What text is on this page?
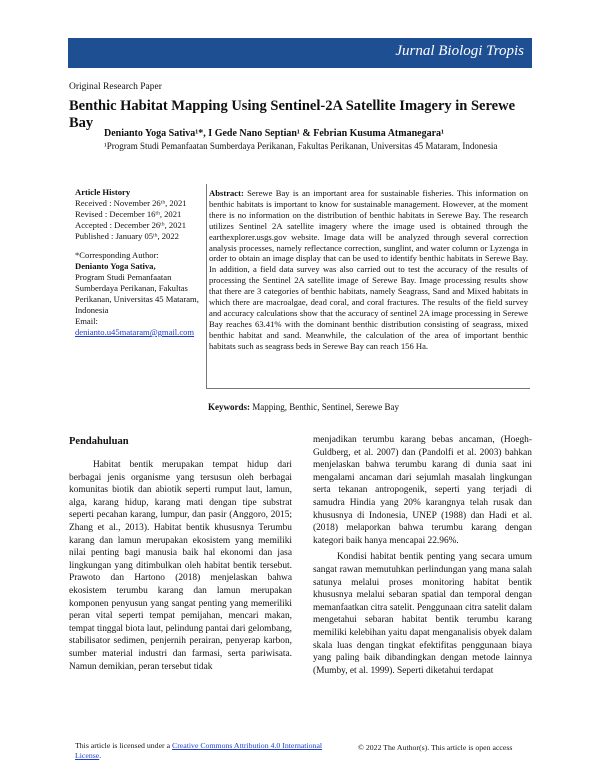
Jurnal Biologi Tropis
Original Research Paper
Benthic Habitat Mapping Using Sentinel-2A Satellite Imagery in Serewe Bay
Denianto Yoga Sativa¹*, I Gede Nano Septian¹ & Febrian Kusuma Atmanegara¹
¹Program Studi Pemanfaatan Sumberdaya Perikanan, Fakultas Perikanan, Universitas 45 Mataram, Indonesia
Article History
Received : November 26ᵗʰ, 2021
Revised : December 16ᵗʰ, 2021
Accepted : December 26ᵗʰ, 2021
Published : January 05ᵗʰ, 2022
*Corresponding Author:
Denianto Yoga Sativa,
Program Studi Pemanfaatan Sumberdaya Perikanan, Fakultas Perikanan, Universitas 45 Mataram, Indonesia
Email:
denianto.u45mataram@gmail.com
Abstract: Serewe Bay is an important area for sustainable fisheries. This information on benthic habitats is important to know for sustainable management. However, at the moment there is no information on the distribution of benthic habitats in Serewe Bay. The research utilizes Sentinel 2A satellite imagery where the image used is obtained through the earthexplorer.usgs.gov website. Image data will be analyzed through several correction analysis processes, namely reflectance correction, sunglint, and water column or Lyzenga in order to obtain an image display that can be used to identify benthic habitats in Serewe Bay. In addition, a field data survey was also carried out to test the accuracy of the results of processing the Sentinel 2A satellite image of Serewe Bay. Image processing results show that there are 3 categories of benthic habitats, namely Seagrass, Sand and Mixed habitats in which there are macroalgae, dead coral, and coral fractures. The results of the field survey and accuracy calculations show that the accuracy of sentinel 2A image processing in Serewe Bay reaches 63.41% with the dominant benthic distribution consisting of seagrass, mixed benthic habitat and sand. Meanwhile, the calculation of the area of important benthic habitats such as seagrass beds in Serewe Bay can reach 156 Ha.
Keywords: Mapping, Benthic, Sentinel, Serewe Bay
Pendahuluan

Habitat bentik merupakan tempat hidup dari berbagai jenis organisme yang tersusun oleh berbagai komunitas biotik dan abiotik seperti rumput laut, lamun, alga, karang hidup, karang mati dengan tipe substrat seperti pecahan karang, lumpur, dan pasir (Anggoro, 2015; Zhang et al., 2013). Habitat bentik khususnya Terumbu karang dan lamun merupakan ekosistem yang memiliki nilai penting bagi manusia baik hal ekonomi dan jasa lingkungan yang ditimbulkan oleh habitat bentik tersebut. Prawoto dan Hartono (2018) menjelaskan bahwa ekosistem terumbu karang dan lamun merupakan komponen penyusun yang sangat penting yang memeriliki peran vital seperti tempat pemijahan, mencari makan, tempat tinggal biota laut, pelindung pantai dari gelombang, stabilisator sedimen, penjernih perairan, penyerap karbon, sumber material industri dan farmasi, serta pariwisata. Namun demikian, peran tersebut tidak

menjadikan terumbu karang bebas ancaman, (Hoegh-Guldberg, et al. 2007) dan (Pandolfi et al. 2003) bahkan menjelaskan bahwa terumbu karang di dunia saat ini mengalami ancaman dari sejumlah masalah lingkungan serta tekanan antropogenik, seperti yang terjadi di samudra Hindia yang 20% karangnya telah rusak dan khususnya di Indonesia, UNEP (1988) dan Hadi et al. (2018) melaporkan bahwa terumbu karang dengan kategori baik hanya mencapai 22.96%.

Kondisi habitat bentik penting yang secara umum sangat rawan memutuhkan perlindungan yang mana salah satunya melalui proses monitoring habitat bentik khususnya melalui sebaran spatial dan temporal dengan memanfaatkan citra satelit. Penggunaan citra satelit dalam mengetahui sebaran habitat bentik terumbu karang memiliki kelebihan yaitu dapat menganalisis obyek dalam skala luas dengan tingkat efektifitas penggunaan biaya yang paling baik dibandingkan dengan metode lainnya (Mumby, et al. 1999). Seperti diketahui terdapat

This article is licensed under a Creative Commons Attribution 4.0 International License.
© 2022 The Author(s). This article is open access
